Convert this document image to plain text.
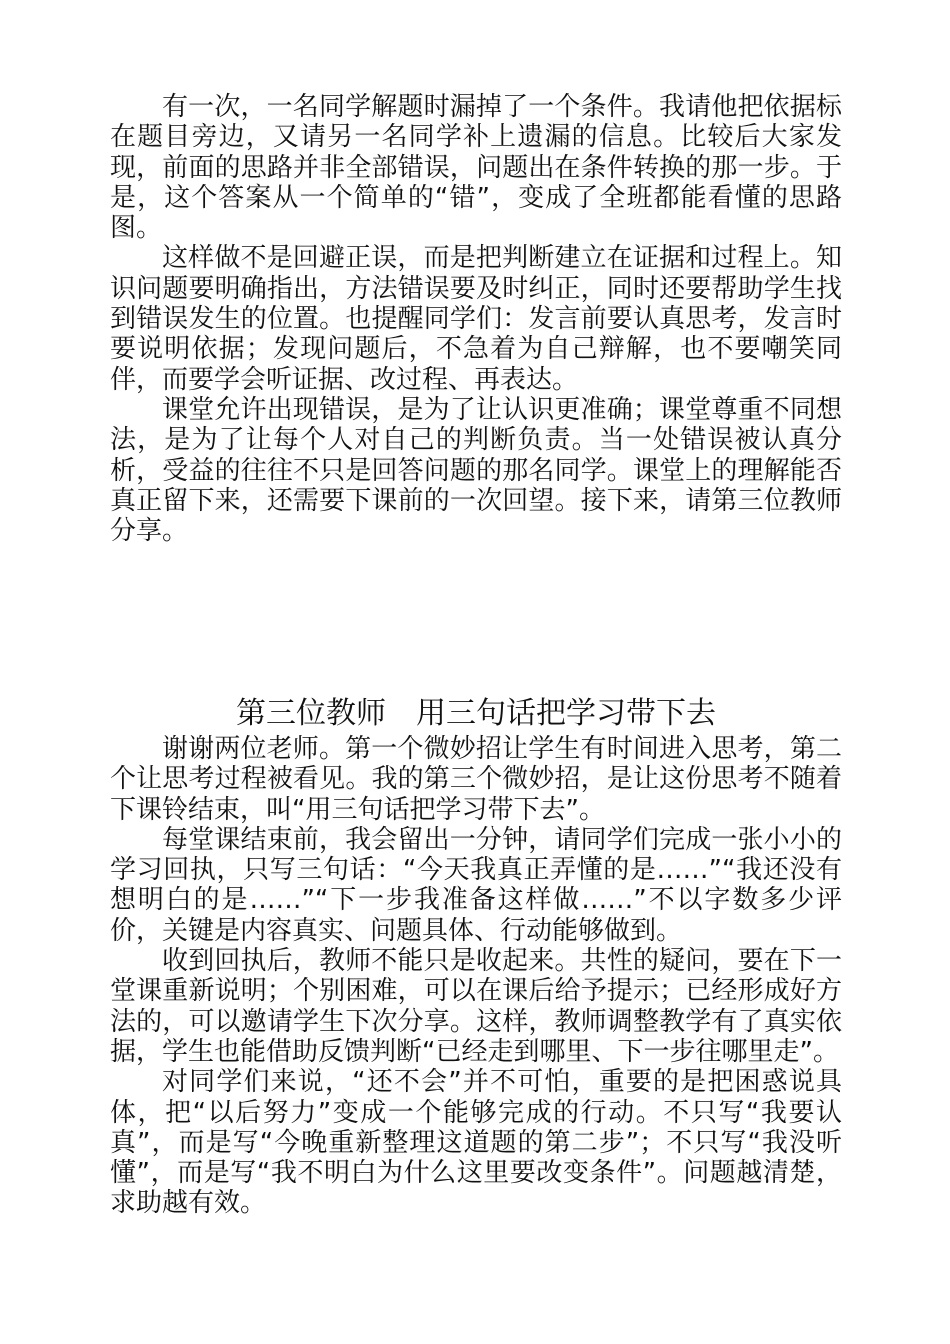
有一次，一名同学解题时漏掉了一个条件。我请他把依据标在题目旁边，又请另一名同学补上遗漏的信息。比较后大家发现，前面的思路并非全部错误，问题出在条件转换的那一步。于是，这个答案从一个简单的“错”，变成了全班都能看懂的思路图。

这样做不是回避正误，而是把判断建立在证据和过程上。知识问题要明确指出，方法错误要及时纠正，同时还要帮助学生找到错误发生的位置。也提醒同学们：发言前要认真思考，发言时要说明依据；发现问题后，不急着为自己辩解，也不要嘲笑同伴，而要学会听证据、改过程、再表达。

课堂允许出现错误，是为了让认识更准确；课堂尊重不同想法，是为了让每个人对自己的判断负责。当一处错误被认真分析，受益的往往不只是回答问题的那名同学。课堂上的理解能否真正留下来，还需要下课前的一次回望。接下来，请第三位教师分享。

第三位教师　用三句话把学习带下去

谢谢两位老师。第一个微妙招让学生有时间进入思考，第二个让思考过程被看见。我的第三个微妙招，是让这份思考不随着下课铃结束，叫“用三句话把学习带下去”。

每堂课结束前，我会留出一分钟，请同学们完成一张小小的学习回执，只写三句话：“今天我真正弄懂的是……”“我还没有想明白的是……”“下一步我准备这样做……”不以字数多少评价，关键是内容真实、问题具体、行动能够做到。

收到回执后，教师不能只是收起来。共性的疑问，要在下一堂课重新说明；个别困难，可以在课后给予提示；已经形成好方法的，可以邀请学生下次分享。这样，教师调整教学有了真实依据，学生也能借助反馈判断“已经走到哪里、下一步往哪里走”。

对同学们来说，“还不会”并不可怕，重要的是把困惑说具体，把“以后努力”变成一个能够完成的行动。不只写“我要认真”，而是写“今晚重新整理这道题的第二步”；不只写“我没听懂”，而是写“我不明白为什么这里要改变条件”。问题越清楚，求助越有效。
